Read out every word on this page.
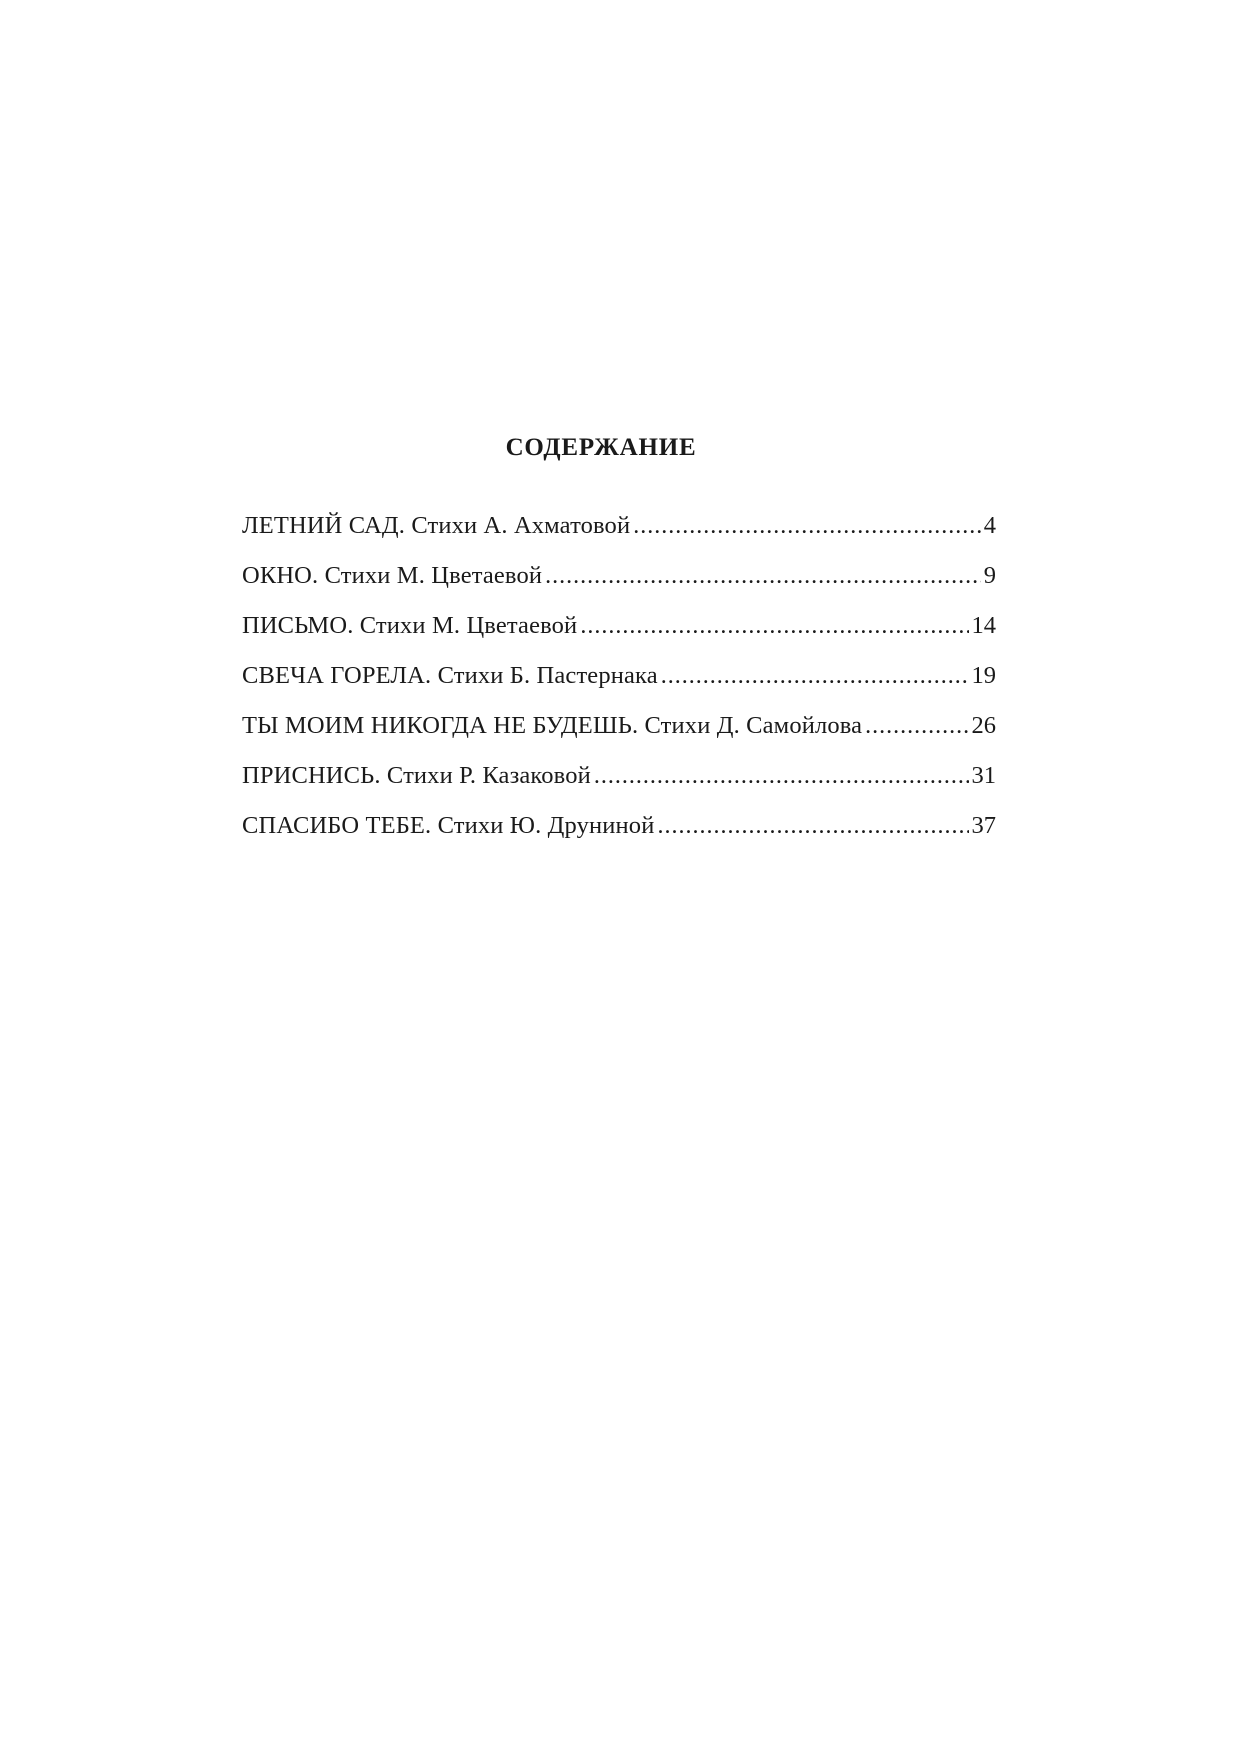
СОДЕРЖАНИЕ
ЛЕТНИЙ САД. Стихи А. Ахматовой .....	4
ОКНО. Стихи М. Цветаевой .....	9
ПИСЬМО. Стихи М. Цветаевой .....	14
СВЕЧА ГОРЕЛА. Стихи Б. Пастернака .....	19
ТЫ МОИМ НИКОГДА НЕ БУДЕШЬ. Стихи Д. Самойлова .....	26
ПРИСНИСЬ. Стихи Р. Казаковой .....	31
СПАСИБО ТЕБЕ. Стихи Ю. Друниной .....	37
